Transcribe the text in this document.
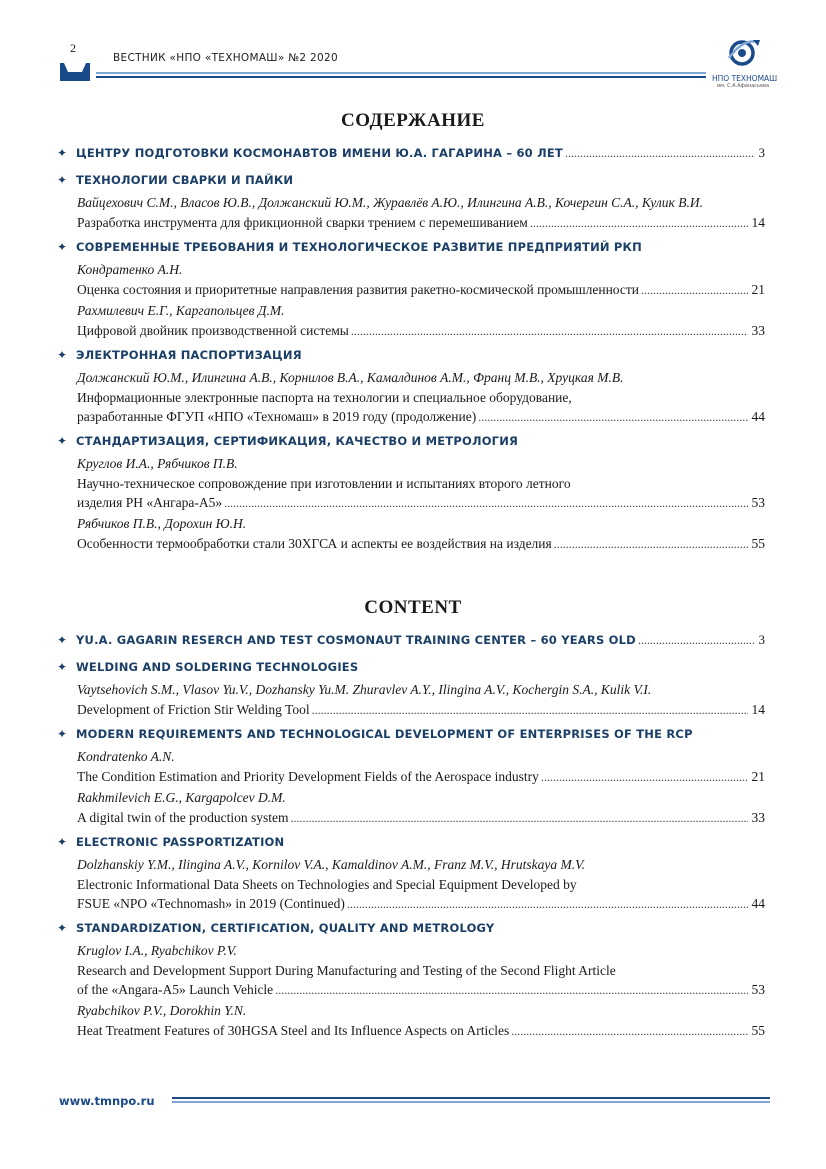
2
ВЕСТНИК «НПО «ТЕХНОМАШ» №2 2020
НПО ТЕХНОМАШ
им. С.А.Афанасьева
СОДЕРЖАНИЕ
✦ ЦЕНТРУ ПОДГОТОВКИ КОСМОНАВТОВ ИМЕНИ Ю.А. ГАГАРИНА – 60 ЛЕТ .....	3
✦ ТЕХНОЛОГИИ СВАРКИ И ПАЙКИ
Вайцехович С.М., Власов Ю.В., Должанский Ю.М., Журавлёв А.Ю., Илингина А.В., Кочергин С.А., Кулик В.И.
Разработка инструмента для фрикционной сварки трением с перемешиванием .....	14
✦ СОВРЕМЕННЫЕ ТРЕБОВАНИЯ И ТЕХНОЛОГИЧЕСКОЕ РАЗВИТИЕ ПРЕДПРИЯТИЙ РКП
Кондратенко А.Н.
Оценка состояния и приоритетные направления развития ракетно-космической промышленности .....	21
Рахмилевич Е.Г., Каргапольцев Д.М.
Цифровой двойник производственной системы .....	33
✦ ЭЛЕКТРОННАЯ ПАСПОРТИЗАЦИЯ
Должанский Ю.М., Илингина А.В., Корнилов В.А., Камалдинов А.М., Франц М.В., Хруцкая М.В.
Информационные электронные паспорта на технологии и специальное оборудование,
разработанные ФГУП «НПО «Техномаш» в 2019 году (продолжение) .....	44
✦ СТАНДАРТИЗАЦИЯ, СЕРТИФИКАЦИЯ, КАЧЕСТВО И МЕТРОЛОГИЯ
Круглов И.А., Рябчиков П.В.
Научно-техническое сопровождение при изготовлении и испытаниях второго летного
изделия РН «Ангара-А5» .....	53
Рябчиков П.В., Дорохин Ю.Н.
Особенности термообработки стали 30ХГСА и аспекты ее воздействия на изделия .....	55
CONTENT
✦ YU.A. GAGARIN RESERCH AND TEST COSMONAUT TRAINING CENTER – 60 YEARS OLD .....	3
✦ WELDING AND SOLDERING TECHNOLOGIES
Vaytsehovich S.M., Vlasov Yu.V., Dozhansky Yu.M. Zhuravlev A.Y., Ilingina A.V., Kochergin S.A., Kulik V.I.
Development of Friction Stir Welding Tool .....	14
✦ MODERN REQUIREMENTS AND TECHNOLOGICAL DEVELOPMENT OF ENTERPRISES OF THE RCP
Kondratenko A.N.
The Condition Estimation and Priority Development Fields of the Aerospace industry .....	21
Rakhmilevich E.G., Kargapolcev D.M.
A digital twin of the production system .....	33
✦ ELECTRONIC PASSPORTIZATION
Dolzhanskiy Y.M., Ilingina A.V., Kornilov V.A., Kamaldinov A.M., Franz M.V., Hrutskaya M.V.
Electronic Informational Data Sheets on Technologies and Special Equipment Developed by
FSUE «NPO «Technomash» in 2019 (Continued) .....	44
✦ STANDARDIZATION, CERTIFICATION, QUALITY AND METROLOGY
Kruglov I.A., Ryabchikov P.V.
Research and Development Support During Manufacturing and Testing of the Second Flight Article
of the «Angara-A5» Launch Vehicle .....	53
Ryabchikov P.V., Dorokhin Y.N.
Heat Treatment Features of 30HGSA Steel and Its Influence Aspects on Articles .....	55
www.tmnpo.ru
